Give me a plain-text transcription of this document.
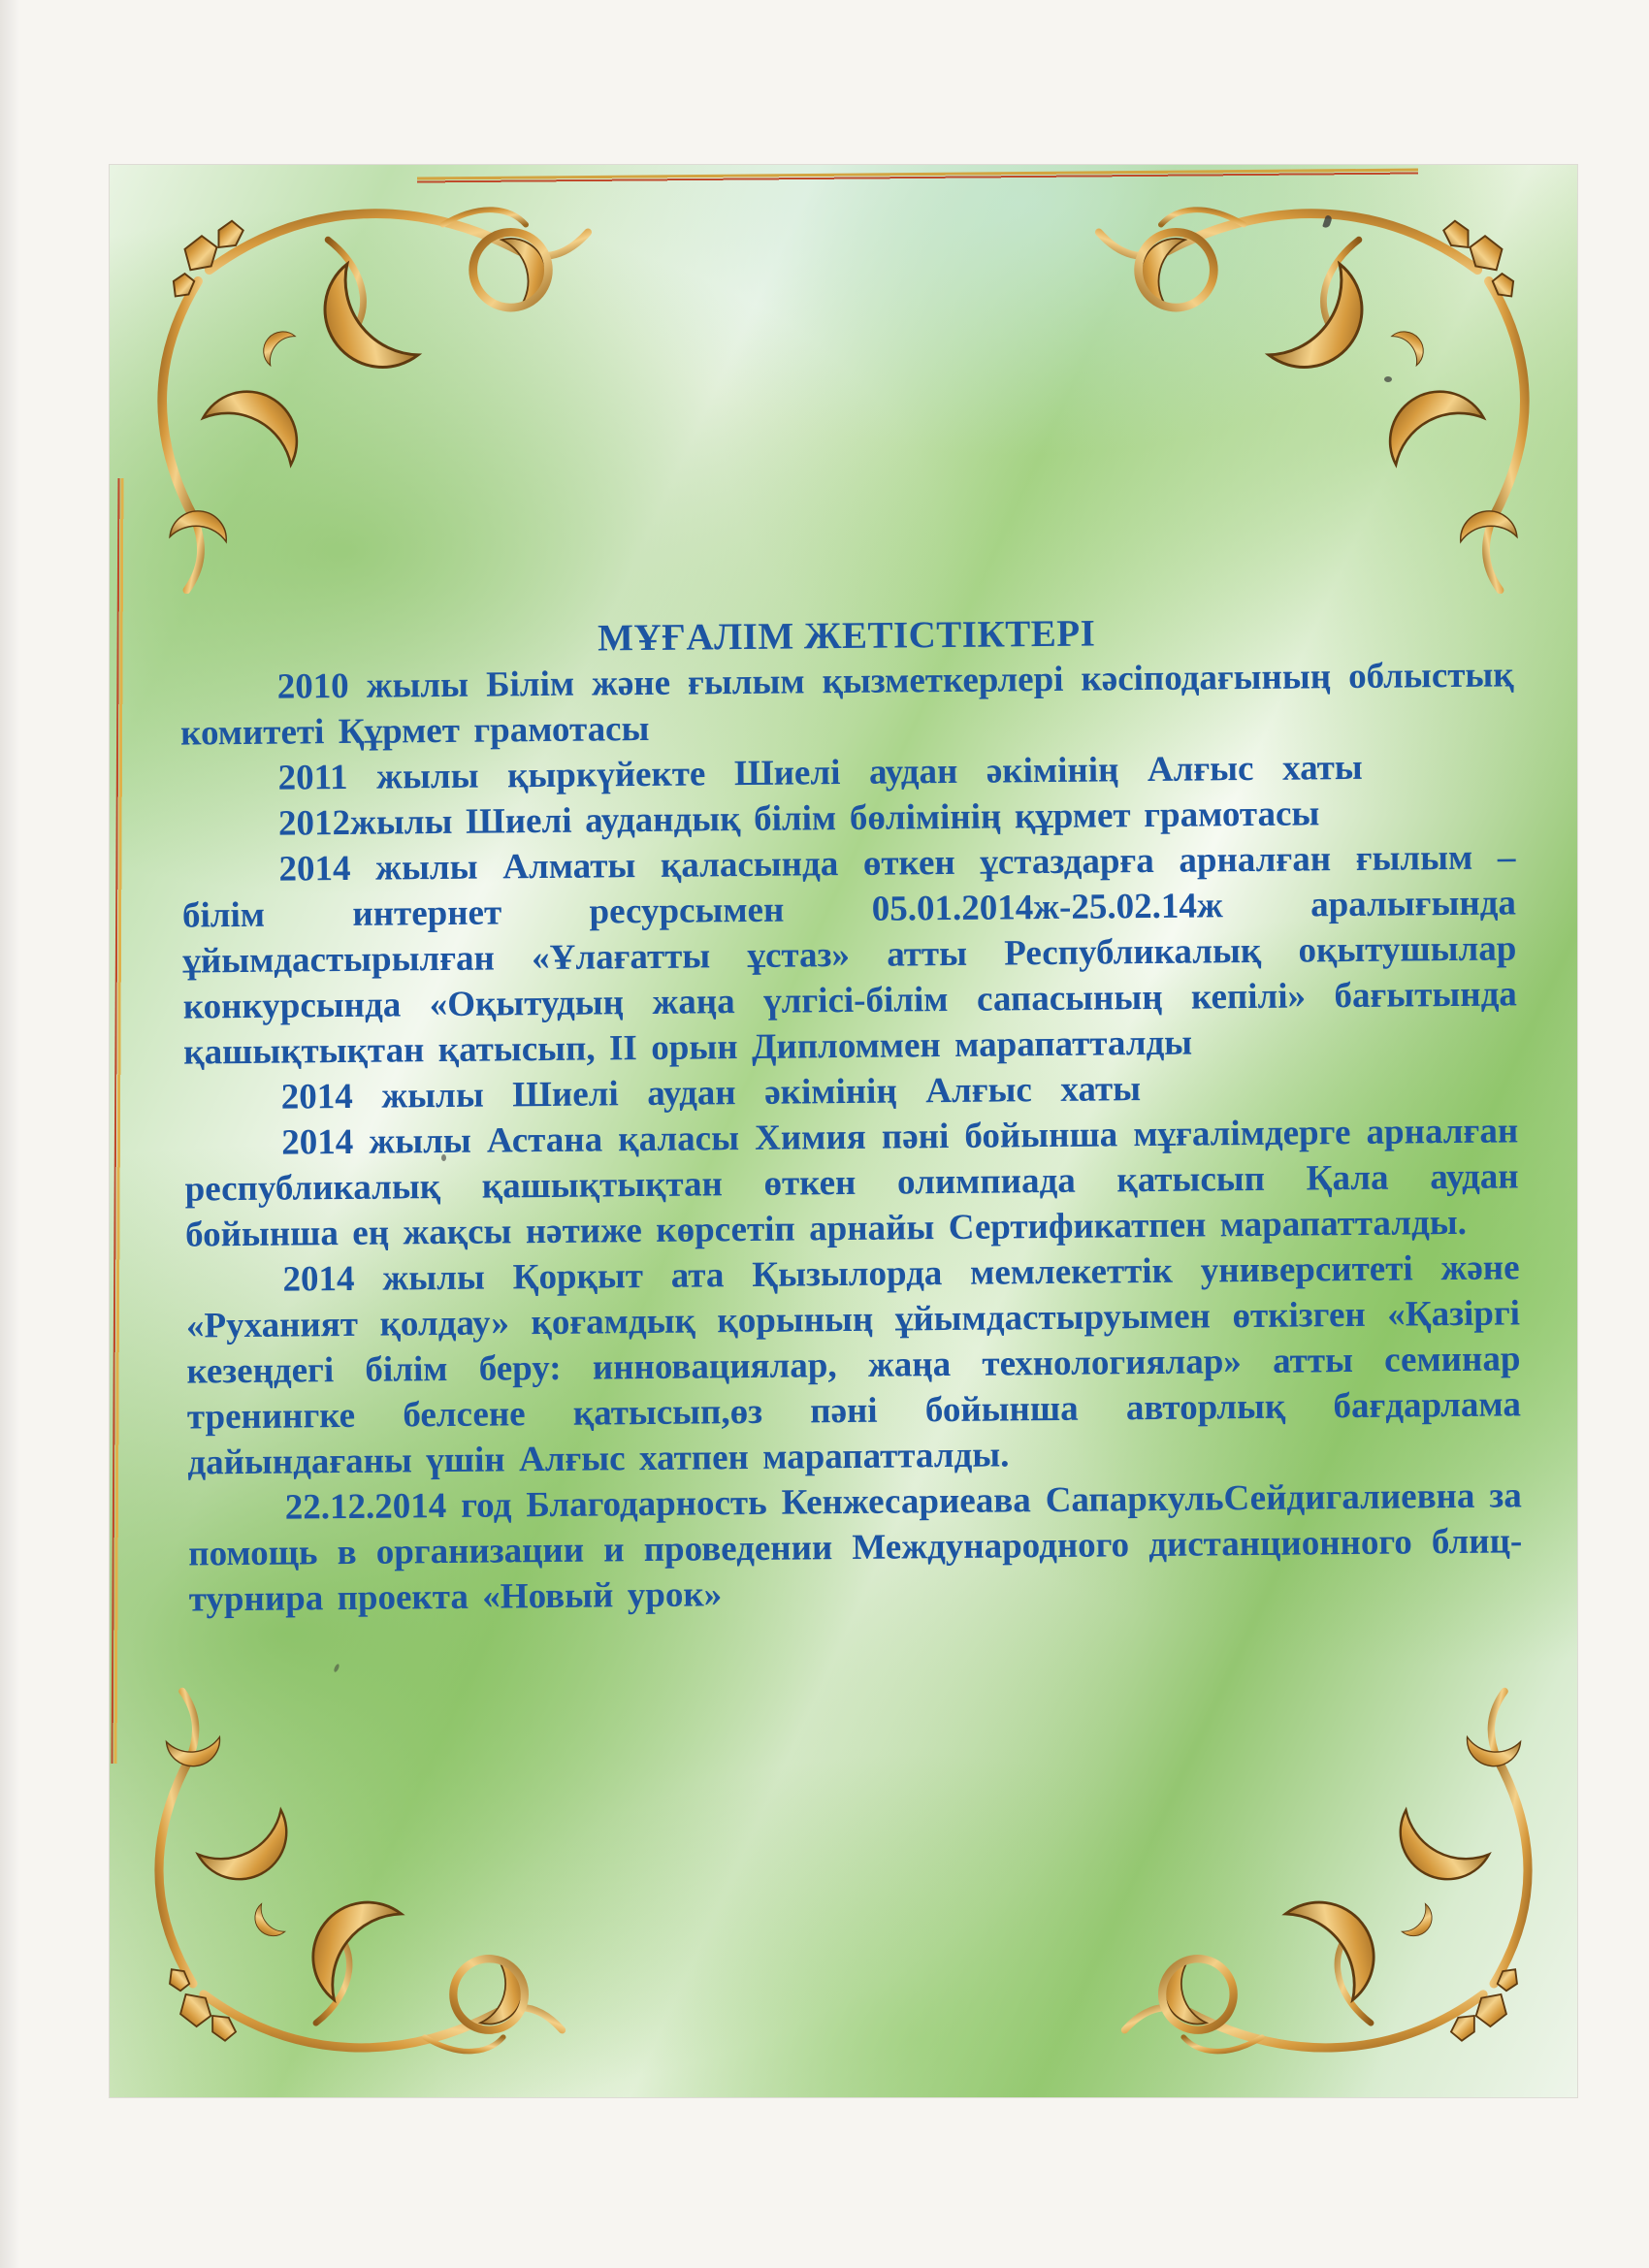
МҰҒАЛІМ ЖЕТІСТІКТЕРІ

2010 жылы Білім және ғылым қызметкерлері кәсіподағының облыстық комитеті Құрмет грамотасы

2011 жылы қыркүйекте Шиелі аудан әкімінің Алғыс хаты

2012жылы Шиелі аудандық білім бөлімінің құрмет грамотасы

2014 жылы Алматы қаласында өткен ұстаздарға арналған ғылым – білім интернет ресурсымен 05.01.2014ж-25.02.14ж аралығында ұйымдастырылған «Ұлағатты ұстаз» атты Республикалық оқытушылар конкурсында «Оқытудың жаңа үлгісі-білім сапасының кепілі» бағытында қашықтықтан қатысып, II орын Дипломмен марапатталды

2014 жылы Шиелі аудан әкімінің Алғыс хаты

2014 жылы Астана қаласы Химия пәні бойынша мұғалімдерге арналған республикалық қашықтықтан өткен олимпиада қатысып Қала аудан бойынша ең жақсы нәтиже көрсетіп арнайы Сертификатпен марапатталды.

2014 жылы Қорқыт ата Қызылорда мемлекеттік университеті және «Руханият қолдау» қоғамдық қорының ұйымдастыруымен өткізген «Қазіргі кезеңдегі білім беру: инновациялар, жаңа технологиялар» атты семинар тренингке белсене қатысып,өз пәні бойынша авторлық бағдарлама дайындағаны үшін Алғыс хатпен марапатталды.

22.12.2014 год Благодарность Кенжесариеава СапаркульСейдигалиевна за помощь в организации и проведении Международного дистанционного блиц- турнира проекта «Новый урок»
